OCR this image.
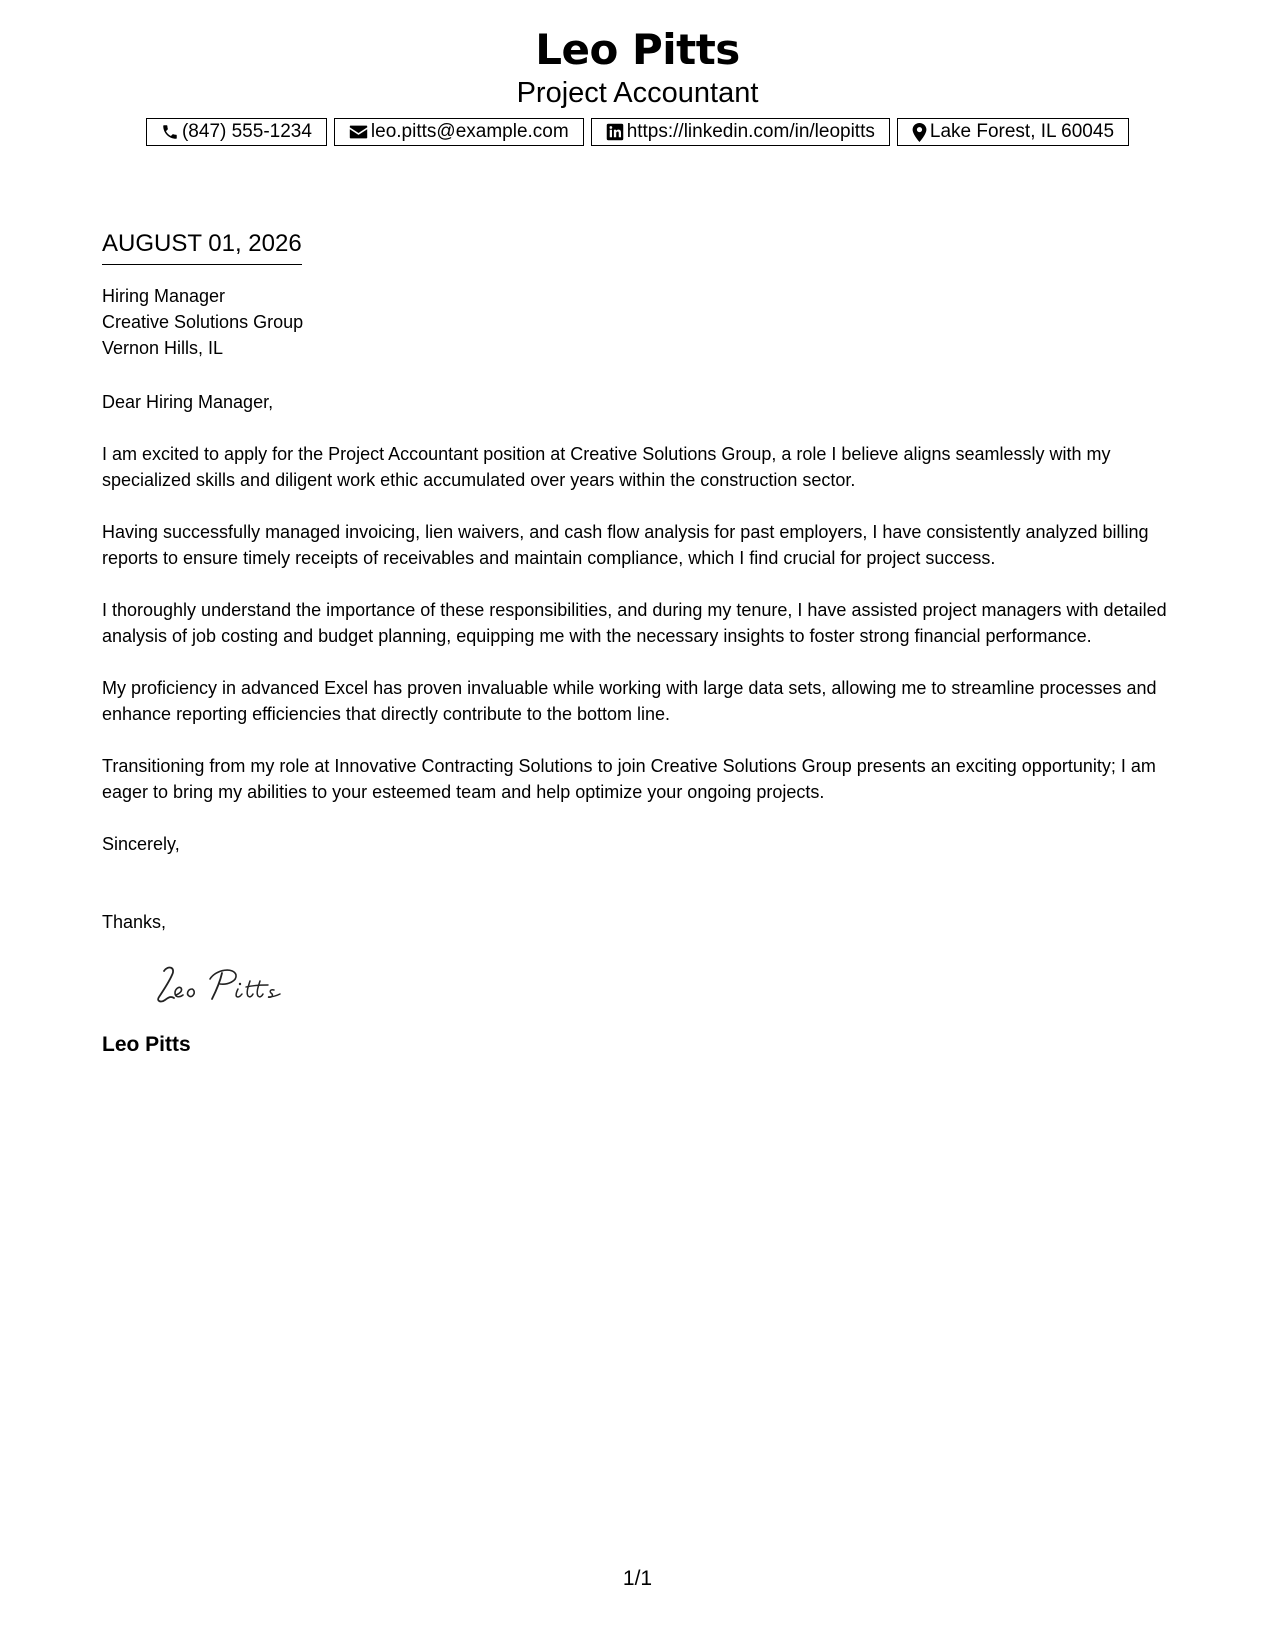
Leo Pitts
Project Accountant
(847) 555-1234	leo.pitts@example.com	https://linkedin.com/in/leopitts	Lake Forest, IL 60045
AUGUST 01, 2026
Hiring Manager
Creative Solutions Group
Vernon Hills, IL

Dear Hiring Manager,

I am excited to apply for the Project Accountant position at Creative Solutions Group, a role I believe aligns seamlessly with my specialized skills and diligent work ethic accumulated over years within the construction sector.

Having successfully managed invoicing, lien waivers, and cash flow analysis for past employers, I have consistently analyzed billing reports to ensure timely receipts of receivables and maintain compliance, which I find crucial for project success.

I thoroughly understand the importance of these responsibilities, and during my tenure, I have assisted project managers with detailed analysis of job costing and budget planning, equipping me with the necessary insights to foster strong financial performance.

My proficiency in advanced Excel has proven invaluable while working with large data sets, allowing me to streamline processes and enhance reporting efficiencies that directly contribute to the bottom line.

Transitioning from my role at Innovative Contracting Solutions to join Creative Solutions Group presents an exciting opportunity; I am eager to bring my abilities to your esteemed team and help optimize your ongoing projects.

Sincerely,

Thanks,

Leo Pitts
1/1
